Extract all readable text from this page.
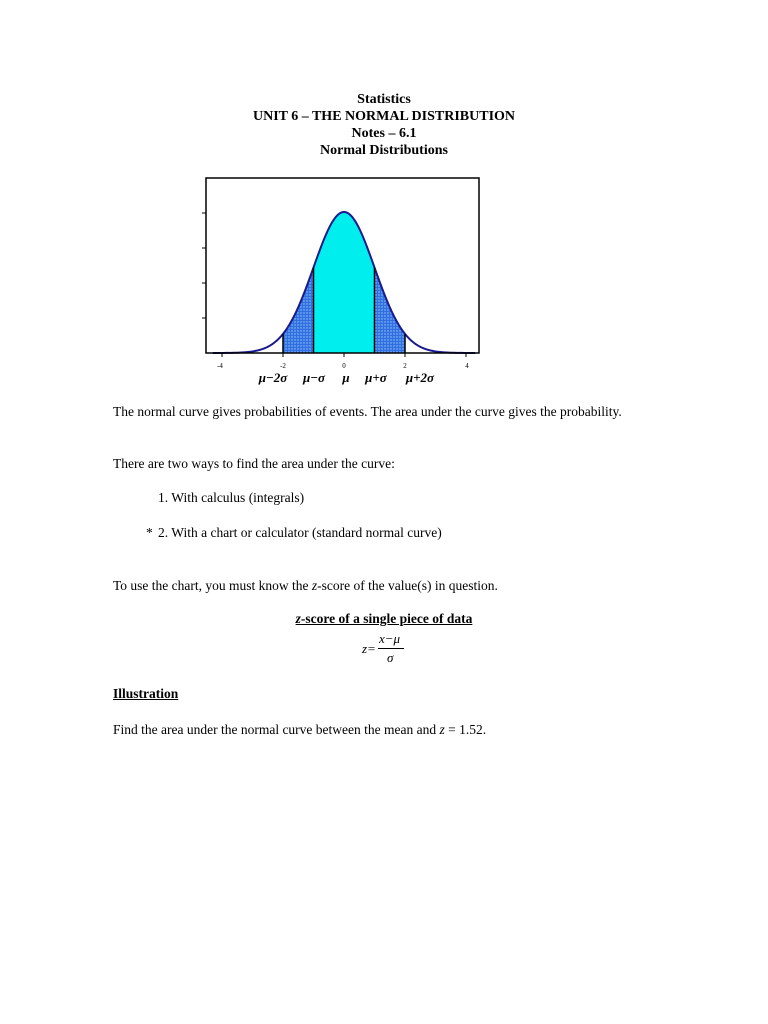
Statistics
UNIT 6 – THE NORMAL DISTRIBUTION
Notes – 6.1
Normal Distributions
-4	-2	0	2	4
μ−2σ μ−σ μ μ+σ μ+2σ
The normal curve gives probabilities of events. The area under the curve gives the probability.
There are two ways to find the area under the curve:
1. With calculus (integrals)
* 2. With a chart or calculator (standard normal curve)
To use the chart, you must know the z-score of the value(s) in question.
z-score of a single piece of data
z=
x−μ
σ
Illustration
Find the area under the normal curve between the mean and z = 1.52.
